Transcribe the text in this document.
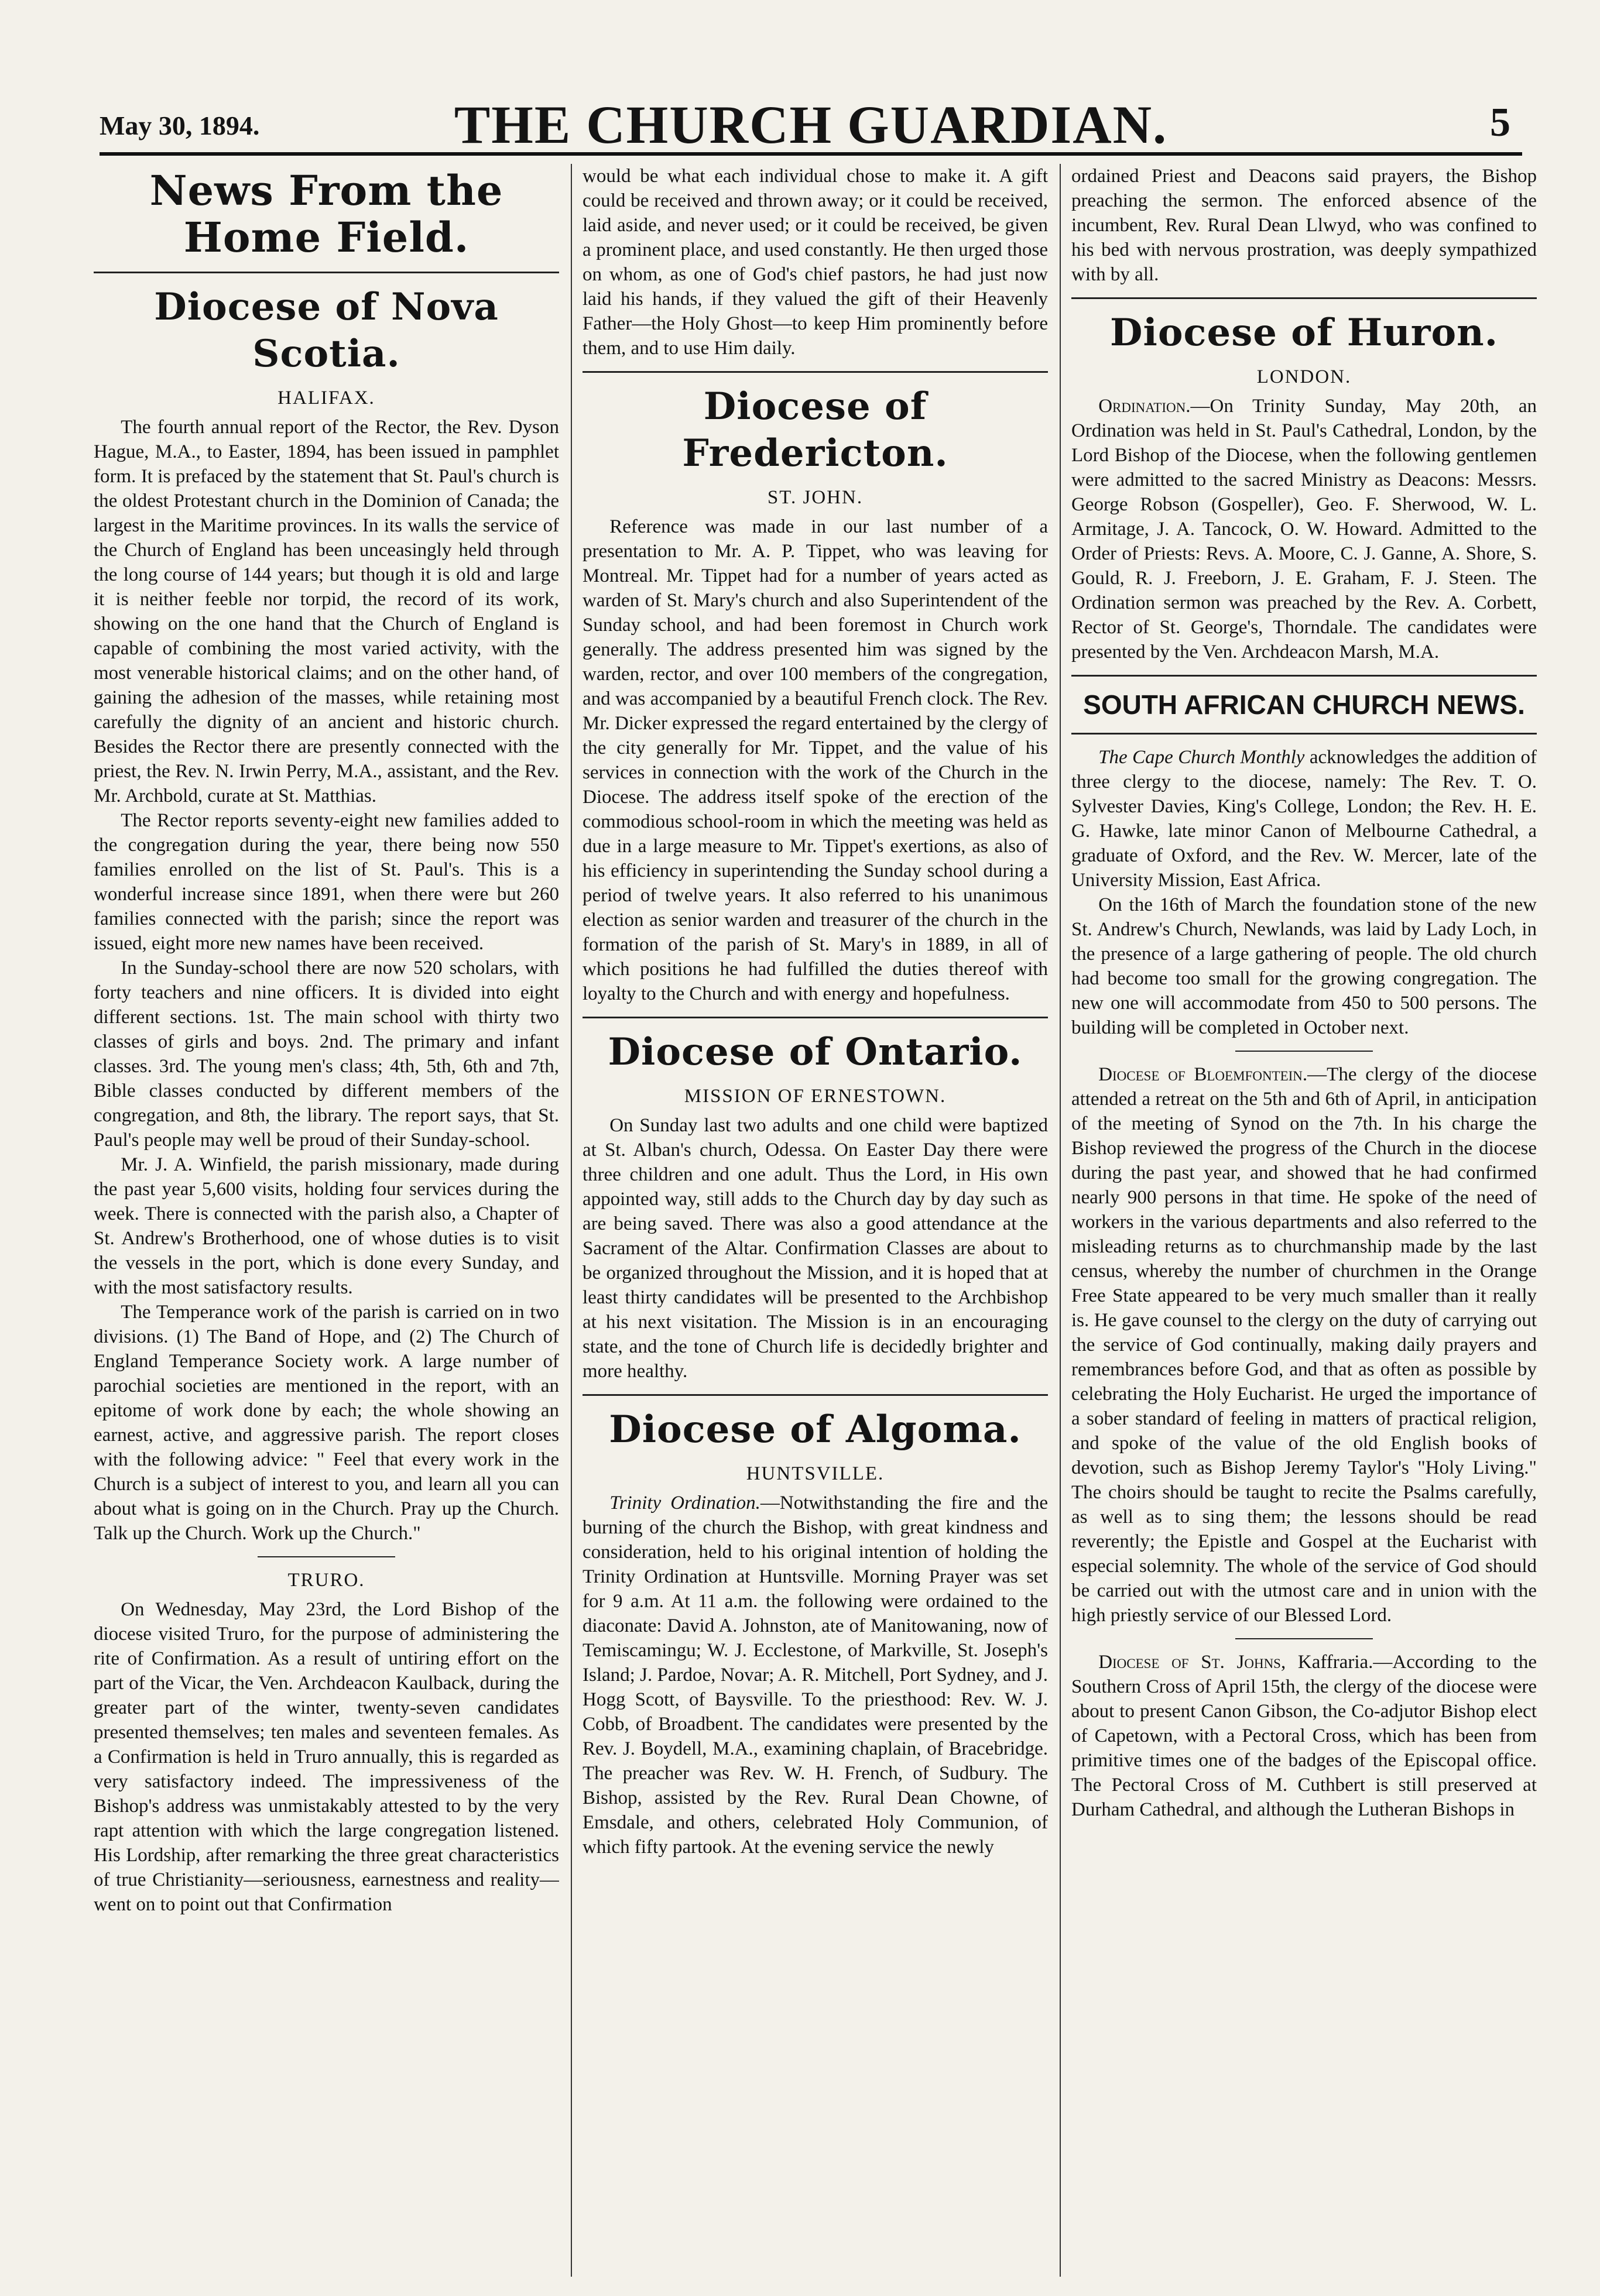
May 30, 1894.	THE CHURCH GUARDIAN.	5
News From the Home Field.
Diocese of Nova Scotia.
HALIFAX.

The fourth annual report of the Rector, the Rev. Dyson Hague, M.A., to Easter, 1894, has been issued in pamphlet form. It is prefaced by the statement that St. Paul's church is the oldest Protestant church in the Dominion of Canada; the largest in the Maritime provinces. In its walls the service of the Church of England has been unceasingly held through the long course of 144 years; but though it is old and large it is neither feeble nor torpid, the record of its work, showing on the one hand that the Church of England is capable of combining the most varied activity, with the most venerable historical claims; and on the other hand, of gaining the adhesion of the masses, while retaining most carefully the dignity of an ancient and historic church. Besides the Rector there are presently connected with the priest, the Rev. N. Irwin Perry, M.A., assistant, and the Rev. Mr. Archbold, curate at St. Matthias.

The Rector reports seventy-eight new families added to the congregation during the year, there being now 550 families enrolled on the list of St. Paul's. This is a wonderful increase since 1891, when there were but 260 families connected with the parish; since the report was issued, eight more new names have been received.

In the Sunday-school there are now 520 scholars, with forty teachers and nine officers. It is divided into eight different sections. 1st. The main school with thirty two classes of girls and boys. 2nd. The primary and infant classes. 3rd. The young men's class; 4th, 5th, 6th and 7th, Bible classes conducted by different members of the congregation, and 8th, the library. The report says, that St. Paul's people may well be proud of their Sunday-school.

Mr. J. A. Winfield, the parish missionary, made during the past year 5,600 visits, holding four services during the week. There is connected with the parish also, a Chapter of St. Andrew's Brotherhood, one of whose duties is to visit the vessels in the port, which is done every Sunday, and with the most satisfactory results.

The Temperance work of the parish is carried on in two divisions. (1) The Band of Hope, and (2) The Church of England Temperance Society work. A large number of parochial societies are mentioned in the report, with an epitome of work done by each; the whole showing an earnest, active, and aggressive parish. The report closes with the following advice: " Feel that every work in the Church is a subject of interest to you, and learn all you can about what is going on in the Church. Pray up the Church. Talk up the Church. Work up the Church."

TRURO.

On Wednesday, May 23rd, the Lord Bishop of the diocese visited Truro, for the purpose of administering the rite of Confirmation. As a result of untiring effort on the part of the Vicar, the Ven. Archdeacon Kaulback, during the greater part of the winter, twenty-seven candidates presented themselves; ten males and seventeen females. As a Confirmation is held in Truro annually, this is regarded as very satisfactory indeed. The impressiveness of the Bishop's address was unmistakably attested to by the very rapt attention with which the large congregation listened. His Lordship, after remarking the three great characteristics of true Christianity—seriousness, earnestness and reality—went on to point out that Confirmation

would be what each individual chose to make it. A gift could be received and thrown away; or it could be received, laid aside, and never used; or it could be received, be given a prominent place, and used constantly. He then urged those on whom, as one of God's chief pastors, he had just now laid his hands, if they valued the gift of their Heavenly Father—the Holy Ghost—to keep Him prominently before them, and to use Him daily.

Diocese of Fredericton.
ST. JOHN.

Reference was made in our last number of a presentation to Mr. A. P. Tippet, who was leaving for Montreal. Mr. Tippet had for a number of years acted as warden of St. Mary's church and also Superintendent of the Sunday school, and had been foremost in Church work generally. The address presented him was signed by the warden, rector, and over 100 members of the congregation, and was accompanied by a beautiful French clock. The Rev. Mr. Dicker expressed the regard entertained by the clergy of the city generally for Mr. Tippet, and the value of his services in connection with the work of the Church in the Diocese. The address itself spoke of the erection of the commodious school-room in which the meeting was held as due in a large measure to Mr. Tippet's exertions, as also of his efficiency in superintending the Sunday school during a period of twelve years. It also referred to his unanimous election as senior warden and treasurer of the church in the formation of the parish of St. Mary's in 1889, in all of which positions he had fulfilled the duties thereof with loyalty to the Church and with energy and hopefulness.

Diocese of Ontario.
MISSION OF ERNESTOWN.

On Sunday last two adults and one child were baptized at St. Alban's church, Odessa. On Easter Day there were three children and one adult. Thus the Lord, in His own appointed way, still adds to the Church day by day such as are being saved. There was also a good attendance at the Sacrament of the Altar. Confirmation Classes are about to be organized throughout the Mission, and it is hoped that at least thirty candidates will be presented to the Archbishop at his next visitation. The Mission is in an encouraging state, and the tone of Church life is decidedly brighter and more healthy.

Diocese of Algoma.
HUNTSVILLE.

Trinity Ordination.—Notwithstanding the fire and the burning of the church the Bishop, with great kindness and consideration, held to his original intention of holding the Trinity Ordination at Huntsville. Morning Prayer was set for 9 a.m. At 11 a.m. the following were ordained to the diaconate: David A. Johnston, ate of Manitowaning, now of Temiscamingu; W. J. Ecclestone, of Markville, St. Joseph's Island; J. Pardoe, Novar; A. R. Mitchell, Port Sydney, and J. Hogg Scott, of Baysville. To the priesthood: Rev. W. J. Cobb, of Broadbent. The candidates were presented by the Rev. J. Boydell, M.A., examining chaplain, of Bracebridge. The preacher was Rev. W. H. French, of Sudbury. The Bishop, assisted by the Rev. Rural Dean Chowne, of Emsdale, and others, celebrated Holy Communion, of which fifty partook. At the evening service the newly

ordained Priest and Deacons said prayers, the Bishop preaching the sermon. The enforced absence of the incumbent, Rev. Rural Dean Llwyd, who was confined to his bed with nervous prostration, was deeply sympathized with by all.

Diocese of Huron.
LONDON.

Ordination.—On Trinity Sunday, May 20th, an Ordination was held in St. Paul's Cathedral, London, by the Lord Bishop of the Diocese, when the following gentlemen were admitted to the sacred Ministry as Deacons: Messrs. George Robson (Gospeller), Geo. F. Sherwood, W. L. Armitage, J. A. Tancock, O. W. Howard. Admitted to the Order of Priests: Revs. A. Moore, C. J. Ganne, A. Shore, S. Gould, R. J. Freeborn, J. E. Graham, F. J. Steen. The Ordination sermon was preached by the Rev. A. Corbett, Rector of St. George's, Thorndale. The candidates were presented by the Ven. Archdeacon Marsh, M.A.

SOUTH AFRICAN CHURCH NEWS.

The Cape Church Monthly acknowledges the addition of three clergy to the diocese, namely: The Rev. T. O. Sylvester Davies, King's College, London; the Rev. H. E. G. Hawke, late minor Canon of Melbourne Cathedral, a graduate of Oxford, and the Rev. W. Mercer, late of the University Mission, East Africa.

On the 16th of March the foundation stone of the new St. Andrew's Church, Newlands, was laid by Lady Loch, in the presence of a large gathering of people. The old church had become too small for the growing congregation. The new one will accommodate from 450 to 500 persons. The building will be completed in October next.

Diocese of Bloemfontein.—The clergy of the diocese attended a retreat on the 5th and 6th of April, in anticipation of the meeting of Synod on the 7th. In his charge the Bishop reviewed the progress of the Church in the diocese during the past year, and showed that he had confirmed nearly 900 persons in that time. He spoke of the need of workers in the various departments and also referred to the misleading returns as to churchmanship made by the last census, whereby the number of churchmen in the Orange Free State appeared to be very much smaller than it really is. He gave counsel to the clergy on the duty of carrying out the service of God continually, making daily prayers and remembrances before God, and that as often as possible by celebrating the Holy Eucharist. He urged the importance of a sober standard of feeling in matters of practical religion, and spoke of the value of the old English books of devotion, such as Bishop Jeremy Taylor's "Holy Living." The choirs should be taught to recite the Psalms carefully, as well as to sing them; the lessons should be read reverently; the Epistle and Gospel at the Eucharist with especial solemnity. The whole of the service of God should be carried out with the utmost care and in union with the high priestly service of our Blessed Lord.

Diocese of St. Johns, Kaffraria.—According to the Southern Cross of April 15th, the clergy of the diocese were about to present Canon Gibson, the Co-adjutor Bishop elect of Capetown, with a Pectoral Cross, which has been from primitive times one of the badges of the Episcopal office. The Pectoral Cross of M. Cuthbert is still preserved at Durham Cathedral, and although the Lutheran Bishops in
